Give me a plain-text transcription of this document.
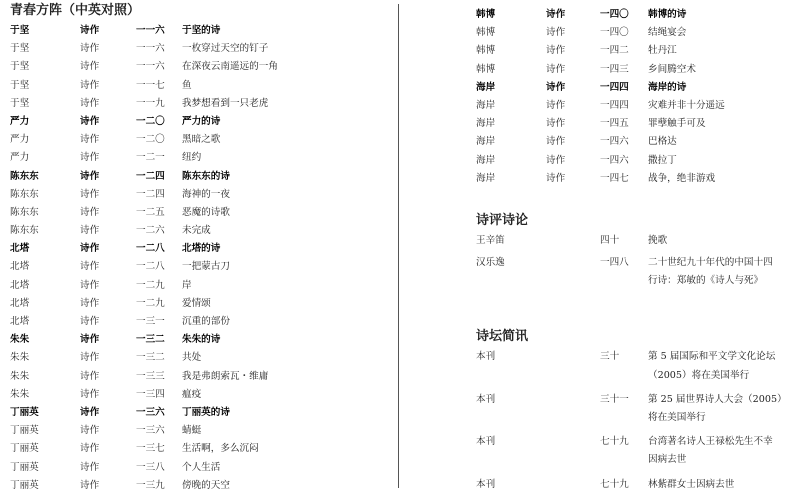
青春方阵（中英对照）
于坚	诗作	一一六 于坚的诗
于坚	诗作	一一六 一枚穿过天空的钉子
于坚	诗作	一一六 在深夜云南遥远的一角
于坚	诗作	一一七 鱼
于坚	诗作	一一九 我梦想看到一只老虎
严力	诗作	一二〇 严力的诗
严力	诗作	一二〇 黑暗之歌
严力	诗作	一二一 纽约
陈东东	诗作	一二四 陈东东的诗
陈东东	诗作	一二四 海神的一夜
陈东东	诗作	一二五 恶魔的诗歌
陈东东	诗作	一二六 未完成
北塔	诗作	一二八 北塔的诗
北塔	诗作	一二八 一把蒙古刀
北塔	诗作	一二九 岸
北塔	诗作	一二九 爱情颂
北塔	诗作	一三一 沉重的部份
朱朱	诗作	一三二 朱朱的诗
朱朱	诗作	一三二 共处
朱朱	诗作	一三三 我是弗朗索瓦・维庸
朱朱	诗作	一三四 瘟疫
丁丽英	诗作	一三六 丁丽英的诗
丁丽英	诗作	一三六 蜻蜓
丁丽英	诗作	一三七 生活啊，多么沉闷
丁丽英	诗作	一三八 个人生活
丁丽英	诗作	一三九 傍晚的天空
韩博	诗作	一四〇 韩博的诗
韩博	诗作	一四〇 结绳宴会
韩博	诗作	一四二 牡丹江
韩博	诗作	一四三 乡间腾空术
海岸	诗作	一四四 海岸的诗
海岸	诗作	一四四 灾难并非十分遥远
海岸	诗作	一四五 罪孽触手可及
海岸	诗作	一四六 巴格达
海岸	诗作	一四六 撒拉丁
海岸	诗作	一四七 战争，绝非游戏
诗评诗论
王辛笛	四十	挽歌
汉乐逸	一四八 二十世纪九十年代的中国十四
行诗：郑敏的《诗人与死》
诗坛简讯
本刊	三十	第 5 届国际和平文学文化论坛
（2005）将在美国举行
本刊	三十一 第 25 届世界诗人大会（2005）
将在美国举行
本刊	七十九 台湾著名诗人王禄松先生不幸
因病去世
本刊	七十九 林紫群女士因病去世
